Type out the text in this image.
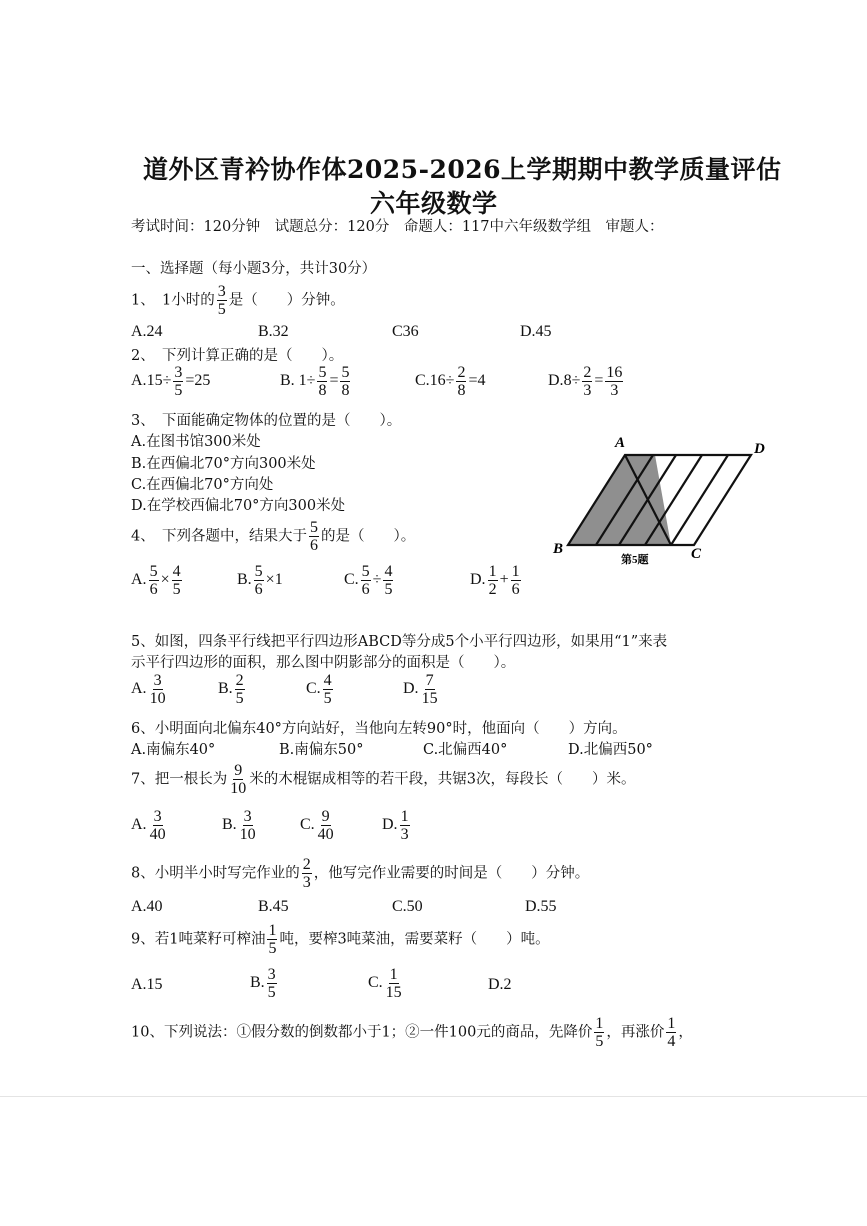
道外区青衿协作体2025-2026上学期期中教学质量评估
六年级数学
考试时间：120分钟　试题总分：120分　命题人：117中六年级数学组　审题人：
一、选择题（每小题3分，共计30分）
1、　1小时的 $\frac{3}{5}$ 是（　　）分钟。
A.24	B.32	C36	D.45
2、　下列计算正确的是（　　）。
$A.15\div \frac{3}{5} =25$	B. $1\div \frac{5}{8} = \frac{5}{8}$	$C.16\div \frac{2}{8} =4$	$D.8\div \frac{2}{3} = \frac{16}{3}$
3、　下面能确定物体的位置的是（　　）。
A.在图书馆300米处
B.在西偏北70°方向300米处
C.在西偏北70°方向处
D.在学校西偏北70°方向300米处
A	D
B	C
第5题
4、　下列各题中，结果大于 $\frac{5}{6}$ 的是（　　）。
A. $\frac{5}{6} \times \frac{4}{5}$	B. $\frac{5}{6} \times 1$	C. $\frac{5}{6} \div \frac{4}{5}$	D. $\frac{1}{2} + \frac{1}{6}$
5、如图，四条平行线把平行四边形ABCD等分成5个小平行四边形，如果用“1”来表
示平行四边形的面积，那么图中阴影部分的面积是（　　）。
A. $\frac{3}{10}$	B. $\frac{2}{5}$	C. $\frac{4}{5}$	D. $\frac{7}{15}$
6、小明面向北偏东40°方向站好，当他向左转90°时，他面向（　　）方向。
A.南偏东40°	B.南偏东50°	C.北偏西40°	D.北偏西50°
7、把一根长为 $\frac{9}{10}$ 米的木棍锯成相等的若干段，共锯3次，每段长（　　）米。
A. $\frac{3}{40}$	B. $\frac{3}{10}$	C. $\frac{9}{40}$	D. $\frac{1}{3}$
8、小明半小时写完作业的 $\frac{2}{3}$ ，他写完作业需要的时间是（　　）分钟。
A.40	B.45	C.50	D.55
9、若1吨菜籽可榨油 $\frac{1}{5}$ 吨，要榨3吨菜油，需要菜籽（　　）吨。
A.15	B. $\frac{3}{5}$	C. $\frac{1}{15}$	D.2
10、下列说法：①假分数的倒数都小于1；②一件100元的商品，先降价 $\frac{1}{5}$ ，再涨价 $\frac{1}{4}$ ，
